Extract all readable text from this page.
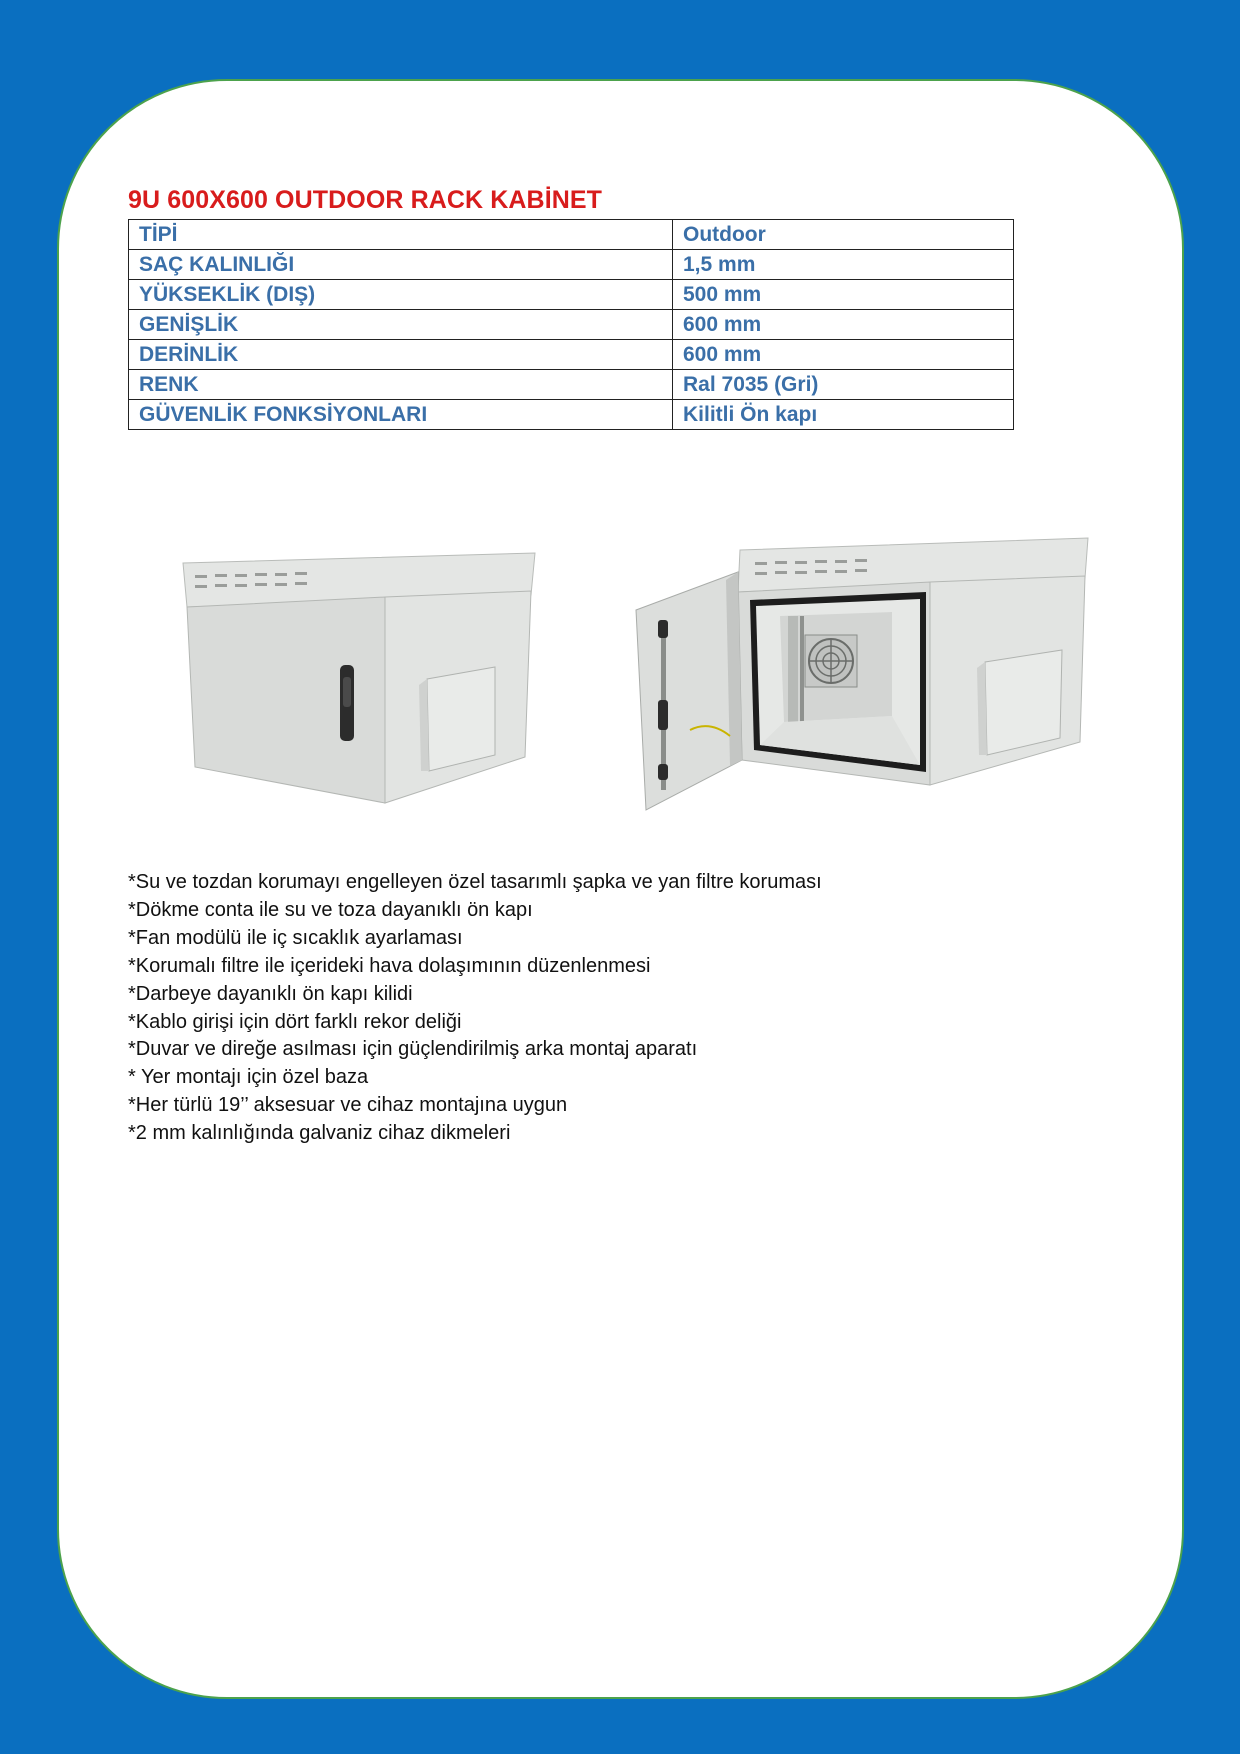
9U 600X600 OUTDOOR RACK KABİNET
TİPİ	Outdoor
SAÇ KALINLIĞI	1,5 mm
YÜKSEKLİK (DIŞ)	500 mm
GENİŞLİK	600 mm
DERİNLİK	600 mm
RENK	Ral 7035 (Gri)
GÜVENLİK FONKSİYONLARI	Kilitli Ön kapı
*Su ve tozdan korumayı engelleyen özel tasarımlı şapka ve yan filtre koruması
*Dökme conta ile su ve toza dayanıklı ön kapı
*Fan modülü ile iç sıcaklık ayarlaması
*Korumalı filtre ile içerideki hava dolaşımının düzenlenmesi
*Darbeye dayanıklı ön kapı kilidi
*Kablo girişi için dört farklı rekor deliği
*Duvar ve direğe asılması için güçlendirilmiş arka montaj aparatı
* Yer montajı için özel baza
*Her türlü 19’’ aksesuar ve cihaz montajına uygun
*2 mm kalınlığında galvaniz cihaz dikmeleri
